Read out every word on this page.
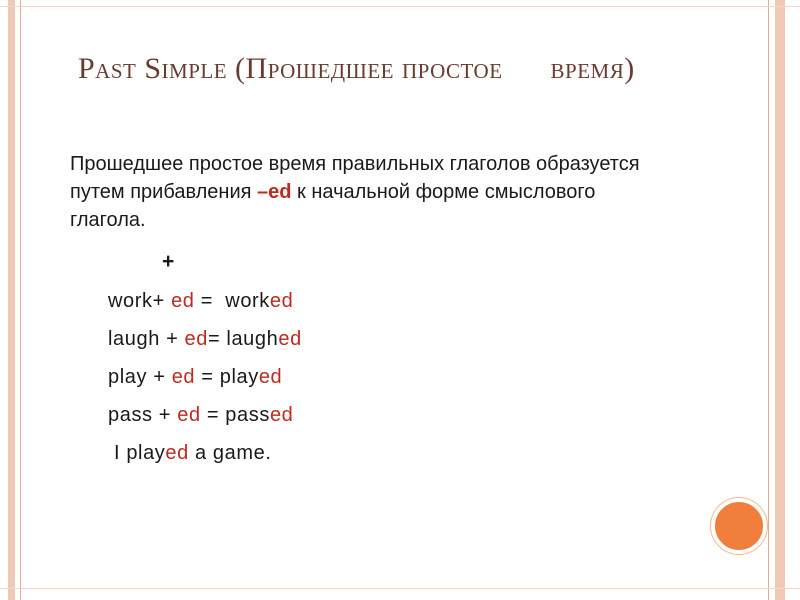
Past Simple (Прошедшее простое      время)
Прошедшее простое время правильных глаголов образуется путем прибавления –ed к начальной форме смыслового глагола.
+
work+ ed =  worked
laugh + ed= laughed
play + ed = played
pass + ed = passed
I played a game.
